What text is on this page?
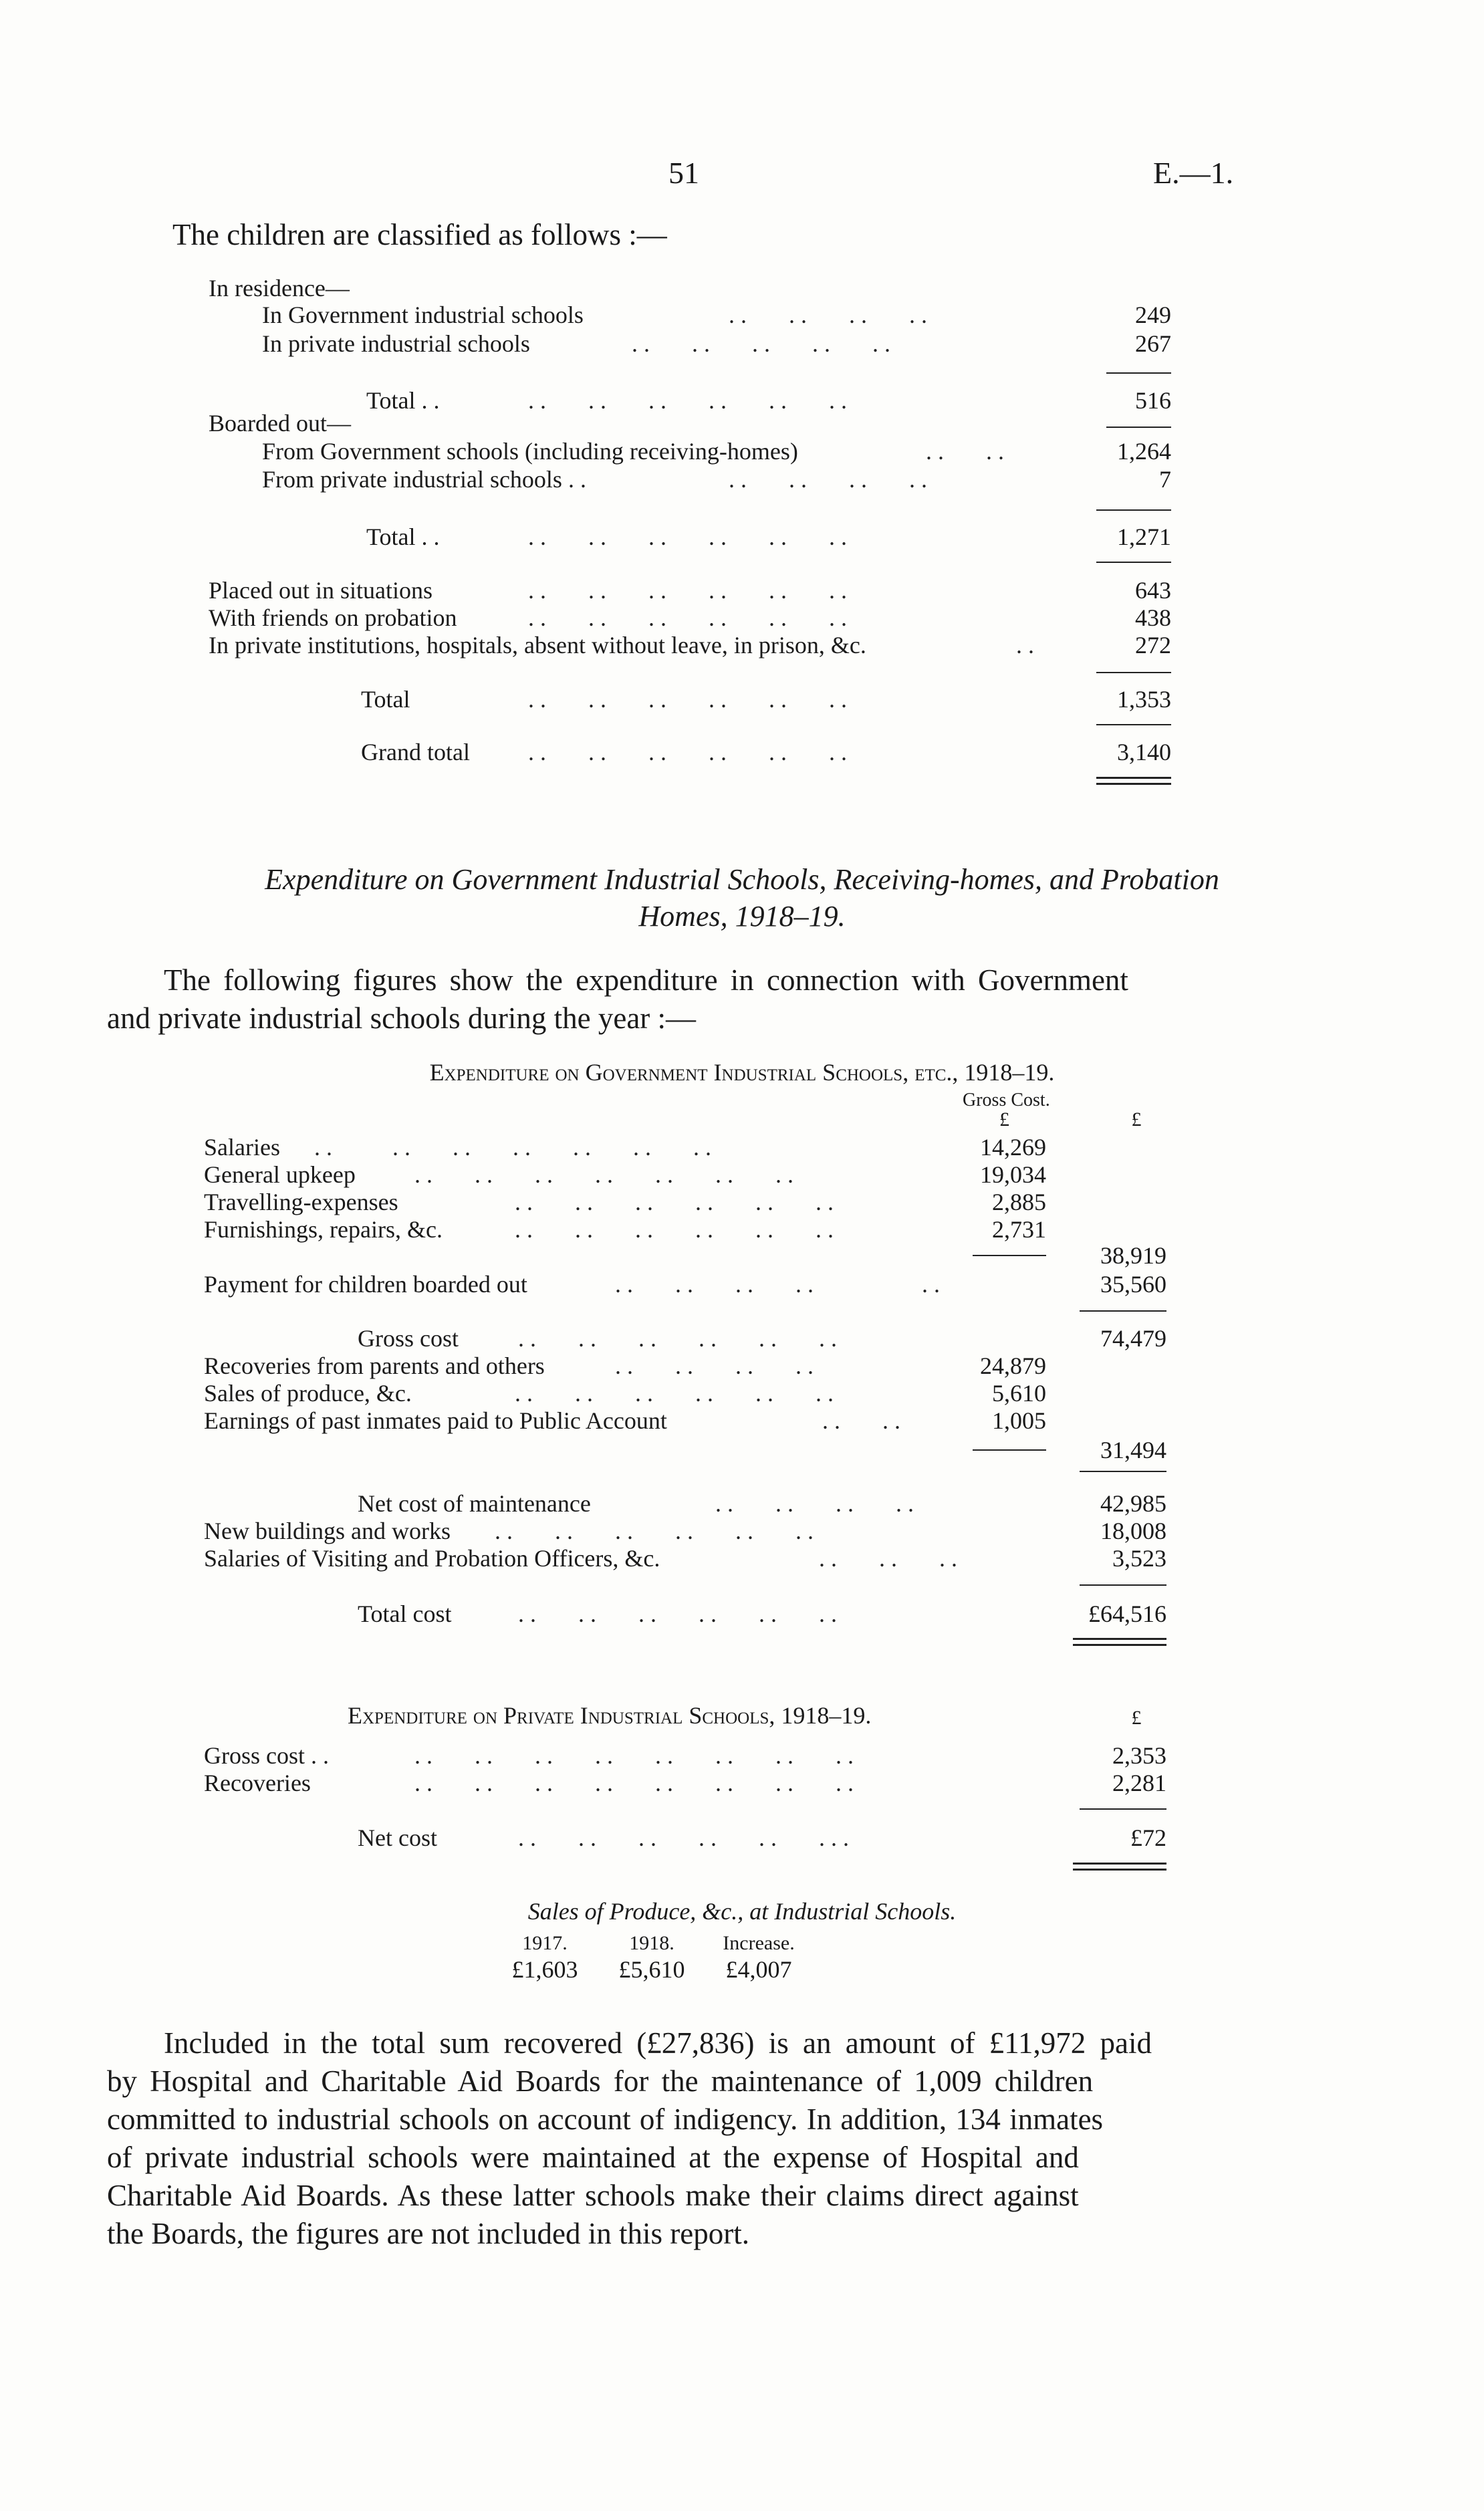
51	E.—1.
The children are classified as follows :—
In residence—
In Government industrial schools	. .       . .       . .       . .	249
In private industrial schools	. .       . .       . .       . .       . .	267
Total . .	. .       . .       . .       . .       . .       . .	516
Boarded out—
From Government schools (including receiving-homes)	. .       . .	1,264
From private industrial schools . .	. .       . .       . .       . .	7
Total . .	. .       . .       . .       . .       . .       . .	1,271
Placed out in situations	. .       . .       . .       . .       . .       . .	643
With friends on probation	. .       . .       . .       . .       . .       . .	438
In private institutions, hospitals, absent without leave, in prison, &c.	. .	272
Total	. .       . .       . .       . .       . .       . .	1,353
Grand total . .       . .       . .       . .       . .       . .	3,140
Expenditure on Government Industrial Schools, Receiving-homes, and Probation
Homes, 1918–19.
The following figures show the expenditure in connection with Government
and private industrial schools during the year :—
Expenditure on Government Industrial Schools, etc., 1918–19.
Gross Cost.
£	£
Salaries . .          . .       . .       . .       . .       . .       . .	14,269
General upkeep . .       . .       . .       . .       . .       . .       . .	19,034
Travelling-expenses	. .       . .       . .       . .       . .       . .	2,885
Furnishings, repairs, &c.	. .       . .       . .       . .       . .       . .	2,731
38,919
Payment for children boarded out	. .       . .       . .       . .                  . .	35,560
Gross cost . .       . .       . .       . .       . .       . .	74,479
Recoveries from parents and others	. .       . .       . .       . .	24,879
Sales of produce, &c.	. .       . .       . .       . .       . .       . .	5,610
Earnings of past inmates paid to Public Account	. .       . .	1,005
31,494
Net cost of maintenance	. .       . .       . .       . .	42,985
New buildings and works . .       . .       . .       . .       . .       . .	18,008
Salaries of Visiting and Probation Officers, &c.	. .       . .       . .	3,523
Total cost	. .       . .       . .       . .       . .       . .	£64,516
Expenditure on Private Industrial Schools, 1918–19.	£
Gross cost . .	. .       . .       . .       . .       . .       . .       . .       . .	2,353
Recoveries	. .       . .       . .       . .       . .       . .       . .       . .	2,281
Net cost	. .       . .       . .       . .       . .       . . .	£72
Sales of Produce, &c., at Industrial Schools.
1917.	1918.	Increase.
£1,603	£5,610	£4,007
Included in the total sum recovered (£27,836) is an amount of £11,972 paid
by Hospital and Charitable Aid Boards for the maintenance of 1,009 children
committed to industrial schools on account of indigency. In addition, 134 inmates
of private industrial schools were maintained at the expense of Hospital and
Charitable Aid Boards. As these latter schools make their claims direct against
the Boards, the figures are not included in this report.
